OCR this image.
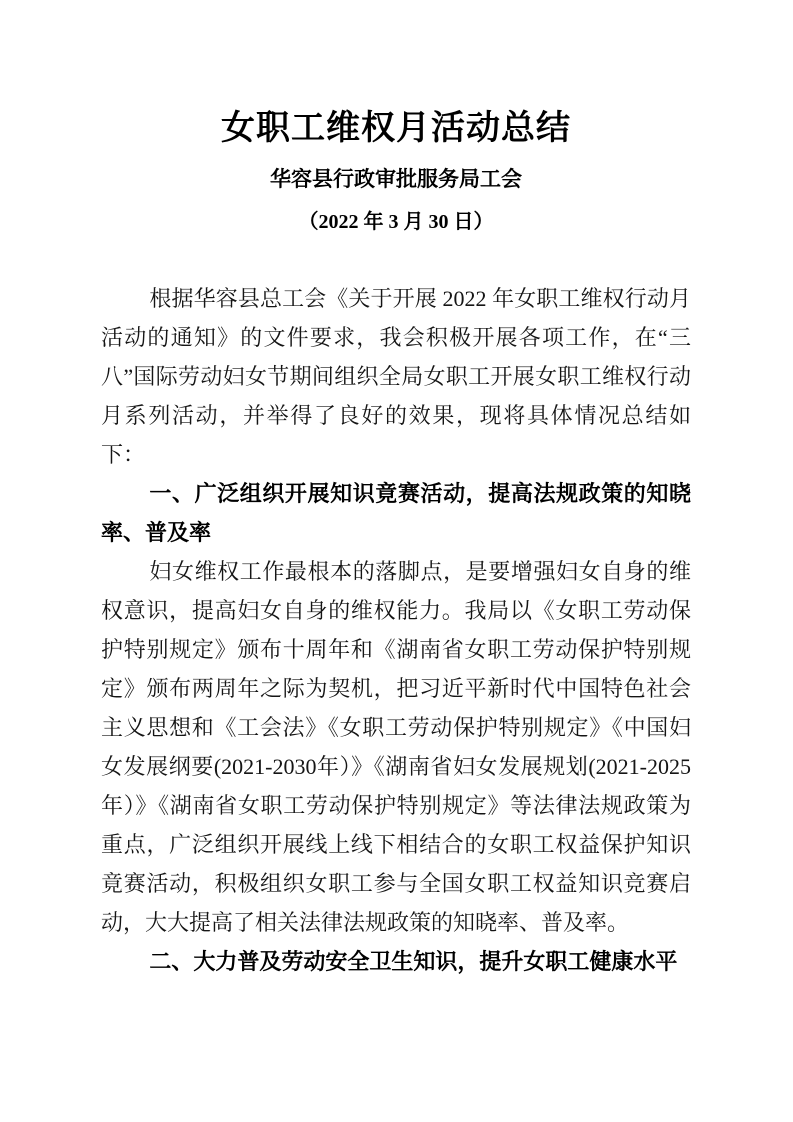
女职工维权月活动总结
华容县行政审批服务局工会
（2022 年 3 月 30 日）

根据华容县总工会《关于开展 2022 年女职工维权行动月活动的通知》的文件要求，我会积极开展各项工作，在“三八”国际劳动妇女节期间组织全局女职工开展女职工维权行动月系列活动，并举得了良好的效果，现将具体情况总结如下：

一、广泛组织开展知识竟赛活动，提高法规政策的知晓率、普及率

妇女维权工作最根本的落脚点，是要增强妇女自身的维权意识，提高妇女自身的维权能力。我局以《女职工劳动保护特别规定》颁布十周年和《湖南省女职工劳动保护特别规定》颁布两周年之际为契机，把习近平新时代中国特色社会主义思想和《工会法》《女职工劳动保护特别规定》《中国妇女发展纲要(2021-2030年）》《湖南省妇女发展规划(2021-2025年）》《湖南省女职工劳动保护特别规定》等法律法规政策为重点，广泛组织开展线上线下相结合的女职工权益保护知识竟赛活动，积极组织女职工参与全国女职工权益知识竞赛启动，大大提高了相关法律法规政策的知晓率、普及率。

二、大力普及劳动安全卫生知识，提升女职工健康水平
